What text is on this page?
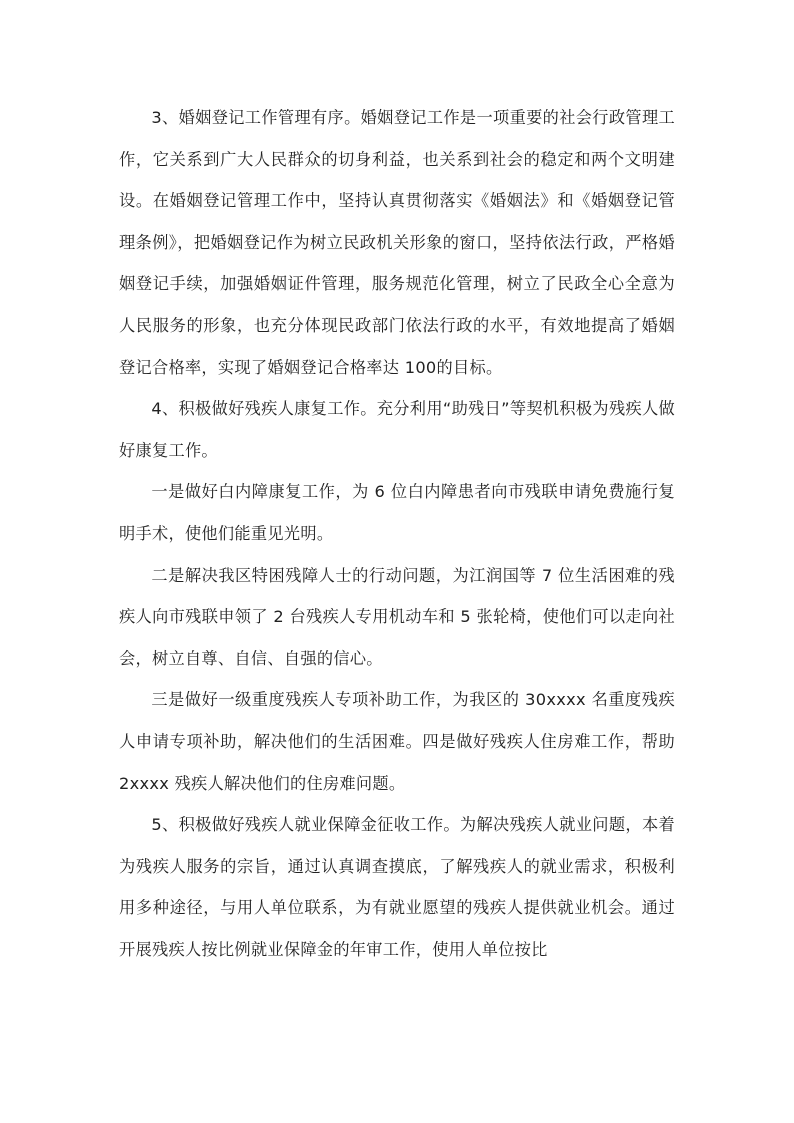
3、婚姻登记工作管理有序。婚姻登记工作是一项重要的社会行政管理工作，它关系到广大人民群众的切身利益，也关系到社会的稳定和两个文明建设。在婚姻登记管理工作中，坚持认真贯彻落实《婚姻法》和《婚姻登记管理条例》，把婚姻登记作为树立民政机关形象的窗口，坚持依法行政，严格婚姻登记手续，加强婚姻证件管理，服务规范化管理，树立了民政全心全意为人民服务的形象，也充分体现民政部门依法行政的水平，有效地提高了婚姻登记合格率，实现了婚姻登记合格率达 100的目标。

4、积极做好残疾人康复工作。充分利用“助残日”等契机积极为残疾人做好康复工作。

一是做好白内障康复工作，为 6 位白内障患者向市残联申请免费施行复明手术，使他们能重见光明。

二是解决我区特困残障人士的行动问题，为江润国等 7 位生活困难的残疾人向市残联申领了 2 台残疾人专用机动车和 5 张轮椅，使他们可以走向社会，树立自尊、自信、自强的信心。

三是做好一级重度残疾人专项补助工作，为我区的 30xxxx 名重度残疾人申请专项补助，解决他们的生活困难。四是做好残疾人住房难工作，帮助 2xxxx 残疾人解决他们的住房难问题。

5、积极做好残疾人就业保障金征收工作。为解决残疾人就业问题，本着为残疾人服务的宗旨，通过认真调查摸底，了解残疾人的就业需求，积极利用多种途径，与用人单位联系，为有就业愿望的残疾人提供就业机会。通过开展残疾人按比例就业保障金的年审工作，使用人单位按比
